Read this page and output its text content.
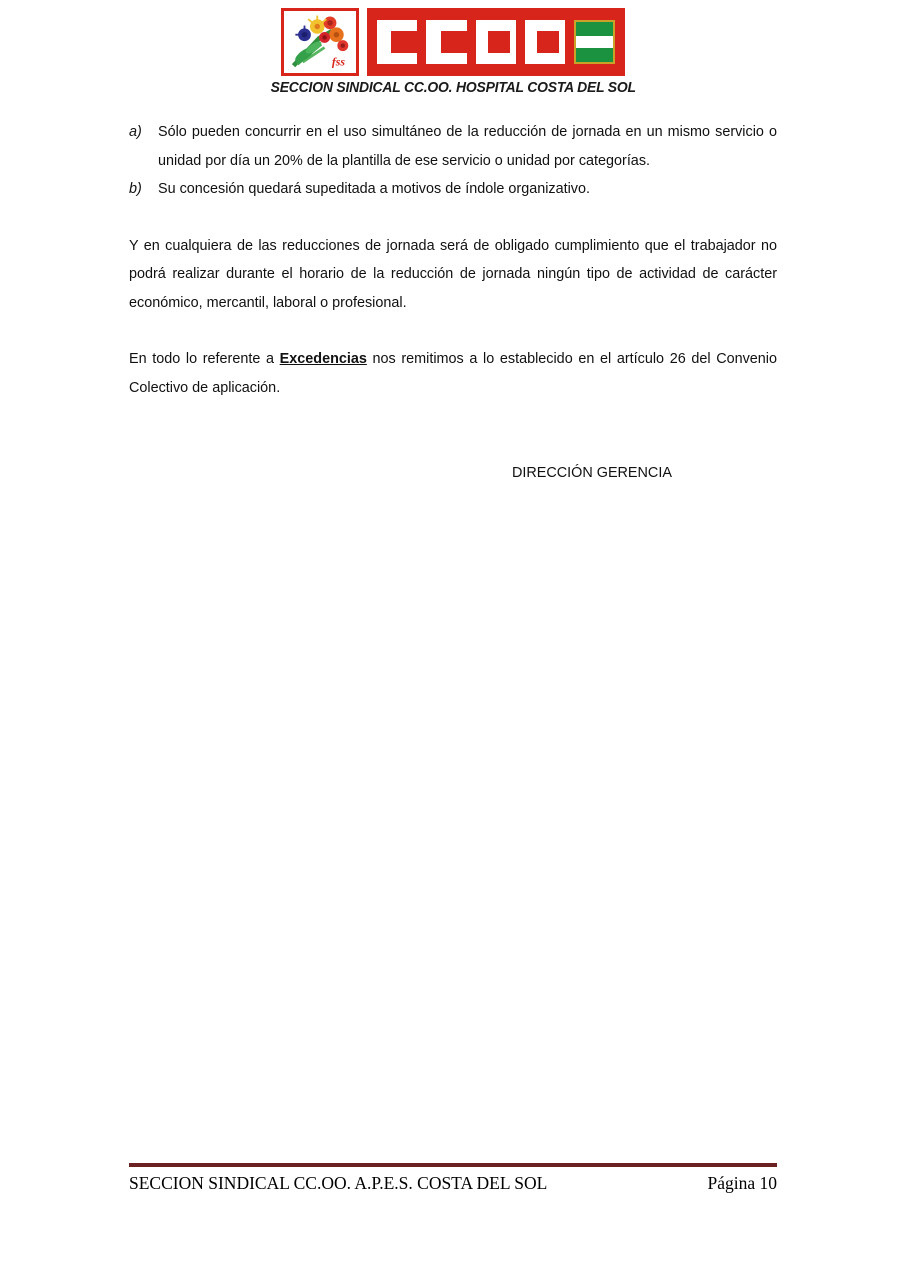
fss
SECCION SINDICAL CC.OO. HOSPITAL COSTA DEL SOL
a)	Sólo pueden concurrir en el uso simultáneo de la reducción de jornada en un mismo servicio o unidad por día un 20% de la plantilla de ese servicio o unidad por categorías.
b)	Su concesión quedará supeditada a motivos de índole organizativo.

Y en cualquiera de las reducciones de jornada será de obligado cumplimiento que el trabajador no podrá realizar durante el horario de la reducción de jornada ningún tipo de actividad de carácter económico, mercantil, laboral o profesional.

En todo lo referente a Excedencias nos remitimos a lo establecido en el artículo 26 del Convenio Colectivo de aplicación.

DIRECCIÓN GERENCIA
SECCION SINDICAL CC.OO. A.P.E.S. COSTA DEL SOL	Página 10
